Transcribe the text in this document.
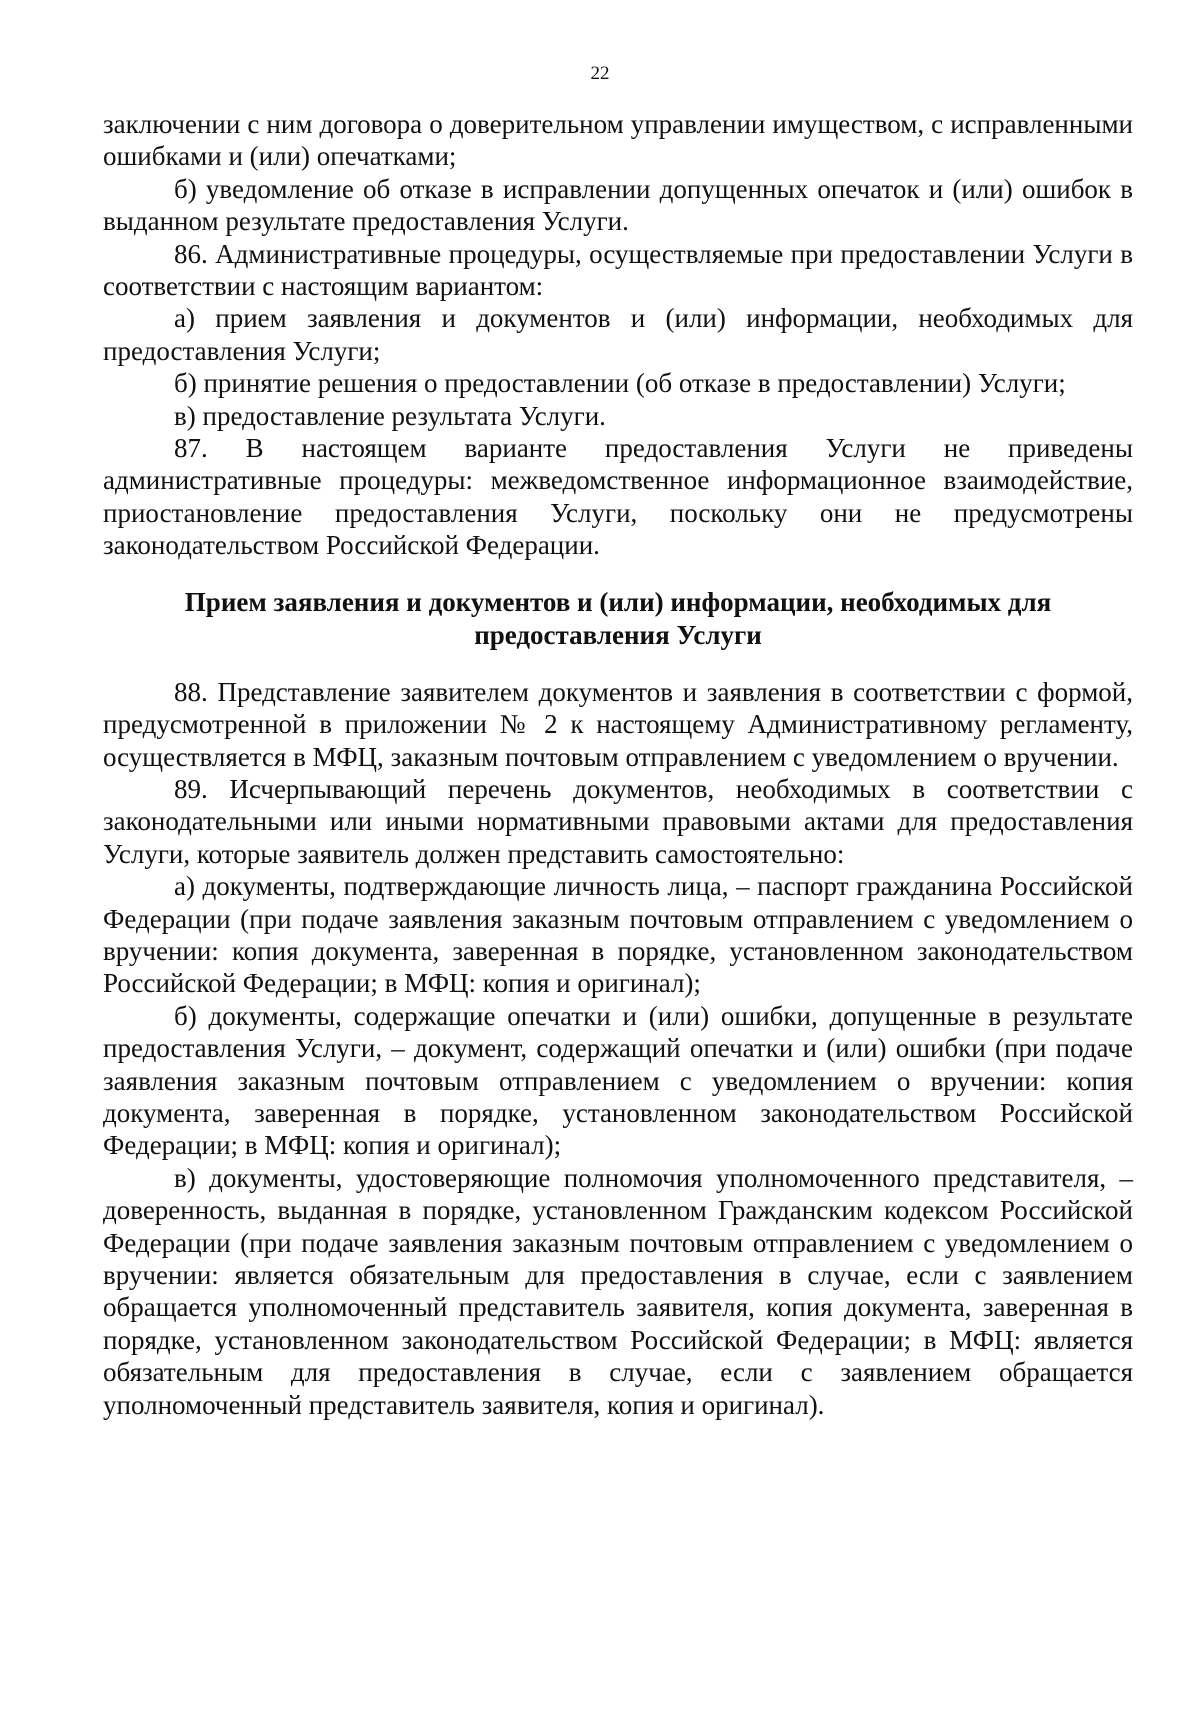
22

заключении с ним договора о доверительном управлении имуществом, с исправленными ошибками и (или) опечатками;

б) уведомление об отказе в исправлении допущенных опечаток и (или) ошибок в выданном результате предоставления Услуги.

86. Административные процедуры, осуществляемые при предоставлении Услуги в соответствии с настоящим вариантом:

а) прием заявления и документов и (или) информации, необходимых для предоставления Услуги;

б) принятие решения о предоставлении (об отказе в предоставлении) Услуги;

в) предоставление результата Услуги.

87. В настоящем варианте предоставления Услуги не приведены административные процедуры: межведомственное информационное взаимодействие, приостановление предоставления Услуги, поскольку они не предусмотрены законодательством Российской Федерации.

Прием заявления и документов и (или) информации, необходимых для предоставления Услуги

88. Представление заявителем документов и заявления в соответствии с формой, предусмотренной в приложении № 2 к настоящему Административному регламенту, осуществляется в МФЦ, заказным почтовым отправлением с уведомлением о вручении.

89. Исчерпывающий перечень документов, необходимых в соответствии с законодательными или иными нормативными правовыми актами для предоставления Услуги, которые заявитель должен представить самостоятельно:

а) документы, подтверждающие личность лица, – паспорт гражданина Российской Федерации (при подаче заявления заказным почтовым отправлением с уведомлением о вручении: копия документа, заверенная в порядке, установленном законодательством Российской Федерации; в МФЦ: копия и оригинал);

б) документы, содержащие опечатки и (или) ошибки, допущенные в результате предоставления Услуги, – документ, содержащий опечатки и (или) ошибки (при подаче заявления заказным почтовым отправлением с уведомлением о вручении: копия документа, заверенная в порядке, установленном законодательством Российской Федерации; в МФЦ: копия и оригинал);

в) документы, удостоверяющие полномочия уполномоченного представителя, – доверенность, выданная в порядке, установленном Гражданским кодексом Российской Федерации (при подаче заявления заказным почтовым отправлением с уведомлением о вручении: является обязательным для предоставления в случае, если с заявлением обращается уполномоченный представитель заявителя, копия документа, заверенная в порядке, установленном законодательством Российской Федерации; в МФЦ: является обязательным для предоставления в случае, если с заявлением обращается уполномоченный представитель заявителя, копия и оригинал).
